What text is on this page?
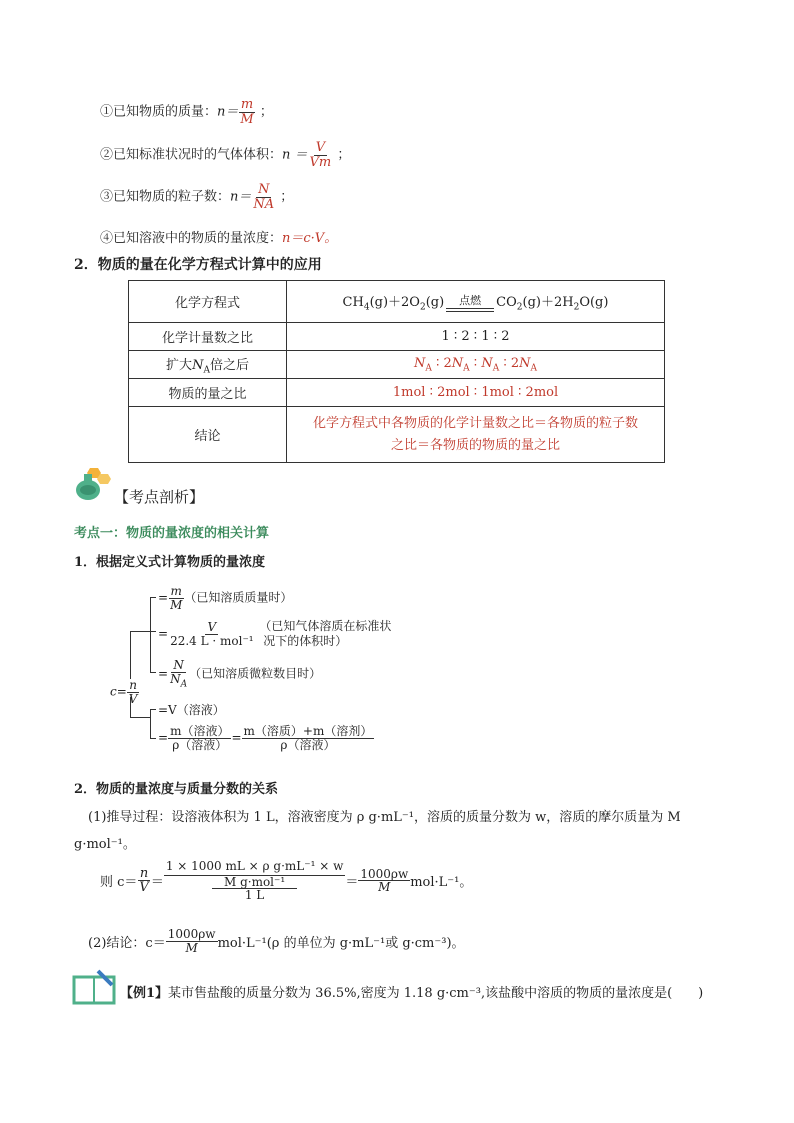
①已知物质的质量：$n= \frac{m}{M}$ ；
②已知标准状况时的气体体积：$n = \frac{V}{Vm}$ ；
③已知物质的粒子数：$n= \frac{N}{NA}$ ；
④已知溶液中的物质的量浓度：n＝c·V。
2．物质的量在化学方程式计算中的应用
化学方程式	$CH_4(g)+2O_2(g)$ 点燃 $CO_2(g)+2H_2O(g)$
化学计量数之比	1 ∶ 2 ∶ 1 ∶ 2
扩大$N_A$倍之后	$N_A$ ∶ $2N_A$ ∶ $N_A$ ∶ $2N_A$
物质的量之比	1mol ∶ 2mol ∶ 1mol ∶ 2mol
结论	化学方程式中各物质的化学计量数之比＝各物质的粒子数
之比＝各物质的物质的量之比
【考点剖析】
考点一：物质的量浓度的相关计算
1．根据定义式计算物质的量浓度
$c= \frac{n}{V}$
= $\frac{m}{M}$ （已知溶质质量时）
= $\frac{V}{\text{22.4 L · mol⁻¹}}$ （已知气体溶质在标准状
况下的体积时）
= $\frac{N}{N_A}$ （已知溶质微粒数目时）
=V（溶液）
= $\frac{\text{m（溶液）}}{\text{ρ（溶液）}} = \frac{\text{m（溶质）+m（溶剂）}}{\text{ρ（溶液）}}$
2．物质的量浓度与质量分数的关系
(1)推导过程：设溶液体积为 1 L，溶液密度为 ρ g·mL⁻¹，溶质的质量分数为 w，溶质的摩尔质量为 M
g·mol⁻¹。
则 $c= \frac{n}{V} = 1 \times 1000$ mL × ρ g·mL⁻¹ × w
M g·mol⁻¹
1 $L = \frac{1000\rho w}{M} mol\cdot L^{-1}$。
(2)结论：$c= \frac{1000\rho w}{M} mol\cdot L^{-1}(\rho$ 的单位为 g·mL⁻¹或 g·cm⁻³)。
【例1】某市售盐酸的质量分数为 36.5%,密度为 1.18 g·cm⁻³,该盐酸中溶质的物质的量浓度是(　　)
